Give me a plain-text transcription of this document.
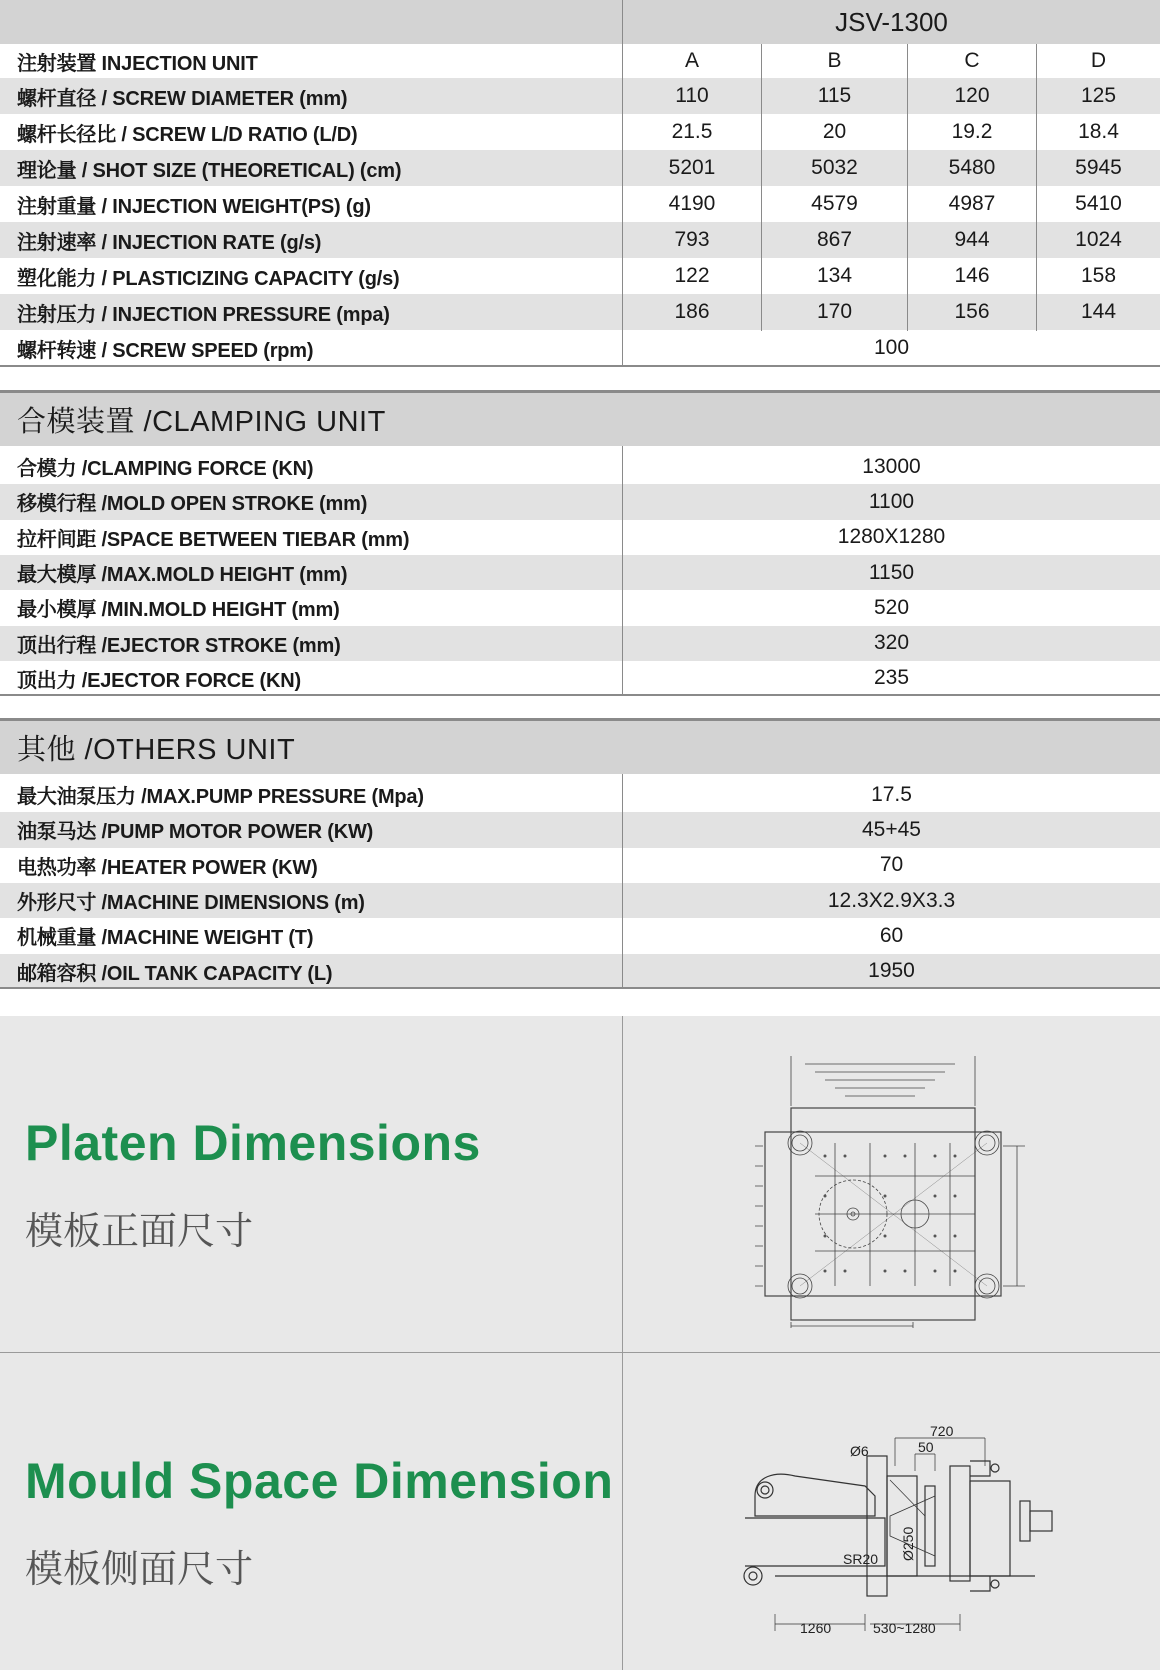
JSV-1300
注射装置 INJECTION UNIT	A	B	C	D
螺杆直径 / SCREW DIAMETER (mm)	110	115	120	125
螺杆长径比 / SCREW L/D RATIO (L/D)	21.5	20	19.2	18.4
理论量 / SHOT SIZE (THEORETICAL) (cm)	5201	5032	5480	5945
注射重量 / INJECTION WEIGHT(PS) (g)	4190	4579	4987	5410
注射速率 / INJECTION RATE (g/s)	793	867	944	1024
塑化能力 / PLASTICIZING CAPACITY (g/s)	122	134	146	158
注射压力 / INJECTION PRESSURE (mpa)	186	170	156	144
螺杆转速 / SCREW SPEED (rpm)	100
合模装置 /CLAMPING UNIT
合模力 /CLAMPING FORCE (KN)	13000
移模行程 /MOLD OPEN STROKE (mm)	1100
拉杆间距 /SPACE BETWEEN TIEBAR (mm)	1280X1280
最大模厚 /MAX.MOLD HEIGHT (mm)	1150
最小模厚 /MIN.MOLD HEIGHT (mm)	520
顶出行程 /EJECTOR STROKE (mm)	320
顶出力 /EJECTOR FORCE (KN)	235
其他 /OTHERS UNIT
最大油泵压力 /MAX.PUMP PRESSURE (Mpa)	17.5
油泵马达 /PUMP MOTOR POWER (KW)	45+45
电热功率 /HEATER POWER (KW)	70
外形尺寸 /MACHINE DIMENSIONS (m)	12.3X2.9X3.3
机械重量 /MACHINE WEIGHT (T)	60
邮箱容积 /OIL TANK CAPACITY (L)	1950
Platen Dimensions
模板正面尺寸
Mould Space Dimension
模板侧面尺寸
720
50
Ø6
Ø250
SR20
1260	530~1280
